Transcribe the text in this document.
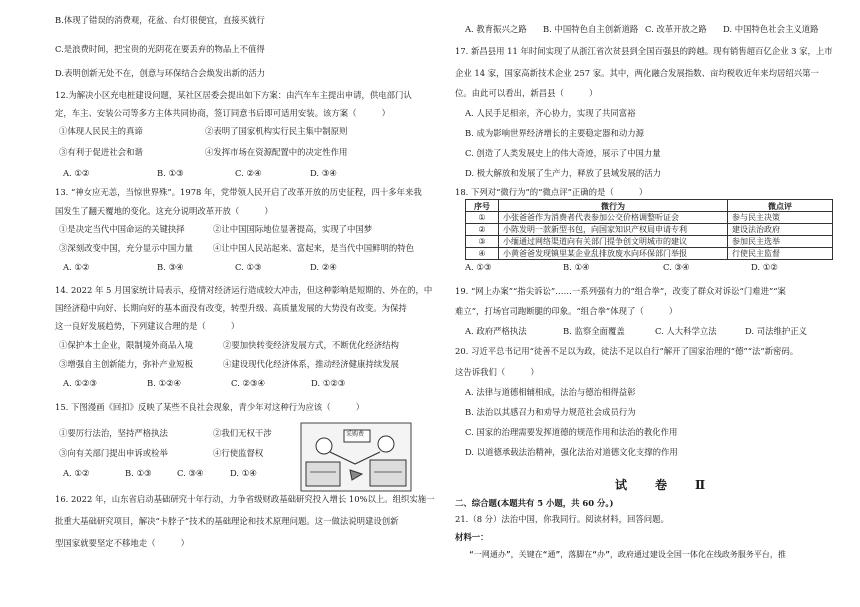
B.体现了错误的消费观，花盆、台灯很便宜，直接买就行
C.是浪费时间，把宝贵的光阴花在要丢弃的物品上不值得
D.表明创新无处不在，创意与环保结合会焕发出新的活力
12.为解决小区充电桩建设问题，某社区居委会提出如下方案：由汽车车主提出申请，供电部门认
定，车主、安装公司等多方主体共同协商，签订同意书后即可适用安装。该方案（　　　）
①体现人民民主的真谛	②表明了国家机构实行民主集中制原则
③有利于促进社会和谐	④发挥市场在资源配置中的决定性作用
A. ①②	B. ①③	C. ②④	D. ③④
13. “神女应无恙，当惊世界殊”。1978 年，党带领人民开启了改革开放的历史征程，四十多年来我
国发生了翻天覆地的变化。这充分说明改革开放（　　　）
①是决定当代中国命运的关键抉择	②让中国国际地位显著提高，实现了中国梦
③深刻改变中国，充分显示中国力量 ④让中国人民站起来、富起来，是当代中国鲜明的特色
A. ①②	B. ③④	C. ①③	D. ②④
14. 2022 年 5 月国家统计局表示，疫情对经济运行造成较大冲击，但这种影响是短期的、外在的，中
国经济稳中向好、长期向好的基本面没有改变，转型升级、高质量发展的大势没有改变。为保持
这一良好发展趋势，下列建议合理的是（　　　）
①保护本土企业，限制境外商品入境	②要加快转变经济发展方式，不断优化经济结构
③增强自主创新能力，弥补产业短板	④建设现代化经济体系，推动经济健康持续发展
A. ①②③	B. ①②④	C. ②③④	D. ①②③
15. 下图漫画《回扣》反映了某些不良社会现象，青少年对这种行为应该（　　　）
①要厉行法治，坚持严格执法	②我们无权干涉
③向有关部门提出申诉或检举	④行使监督权
A. ①②	B. ①③	C. ③④	D. ①④
采购费
16. 2022 年，山东省启动基础研究十年行动，力争省级财政基础研究投入增长 10%以上。组织实施一
批重大基础研究项目，解决“卡脖子”技术的基础理论和技术原理问题。这一做法说明建设创新
型国家就要坚定不移地走（　　　）
A. 教育振兴之路 B. 中国特色自主创新道路 C. 改革开放之路 D. 中国特色社会主义道路
17. 新昌县用 11 年时间实现了从浙江省次贫县到全国百强县的跨越。现有销售超百亿企业 3 家，上市
企业 14 家，国家高新技术企业 257 家。其中，两化融合发展指数、亩均税收近年来均居绍兴第一
位。由此可以看出，新昌县（　　　）
A. 人民手足相亲，齐心协力，实现了共同富裕
B. 成为影响世界经济增长的主要稳定器和动力源
C. 创造了人类发展史上的伟大奇迹，展示了中国力量
D. 极大解放和发展了生产力，释放了县域发展的活力
18. 下列对“微行为”的“微点评”正确的是（　　　）
序号	微行为	微点评
①	小张爸爸作为消费者代表参加公交价格调整听证会	参与民主决策
②	小陈发明一款新型书包，向国家知识产权局申请专利	建设法治政府
③	小缅通过网络渠道向有关部门提争创文明城市的建议	参加民主选举
④	小黄爸爸发现镇里某企业乱排放废水向环保部门举报	行使民主监督
A. ①③	B. ①④	C. ③④	D. ①②
19. “网上办案”“指尖诉讼”……一系列强有力的“组合拳”，改变了群众对诉讼“门难进”“案
难立”，打场官司跑断腿的印象。“组合拳”体现了（　　　）
A. 政府严格执法	B. 监察全面覆盖	C. 人大科学立法	D. 司法维护正义
20. 习近平总书记用“徒善不足以为政，徒法不足以自行”解开了国家治理的“德”“法”新密码。
这告诉我们（　　　）
A. 法律与道德相辅相成，法治与德治相得益彰
B. 法治以其感召力和劝导力规范社会成员行为
C. 国家的治理需要发挥道德的规范作用和法治的教化作用
D. 以道德承载法治精神，强化法治对道德文化支撑的作用
试　卷　Ⅱ
二、综合题(本题共有 5 小题，共 60 分。)
21.（8 分）法治中国，你我同行。阅读材料，回答问题。
材料一：
“一网通办”，关键在“通”，落脚在“办”，政府通过建设全国一体化在线政务服务平台，推
